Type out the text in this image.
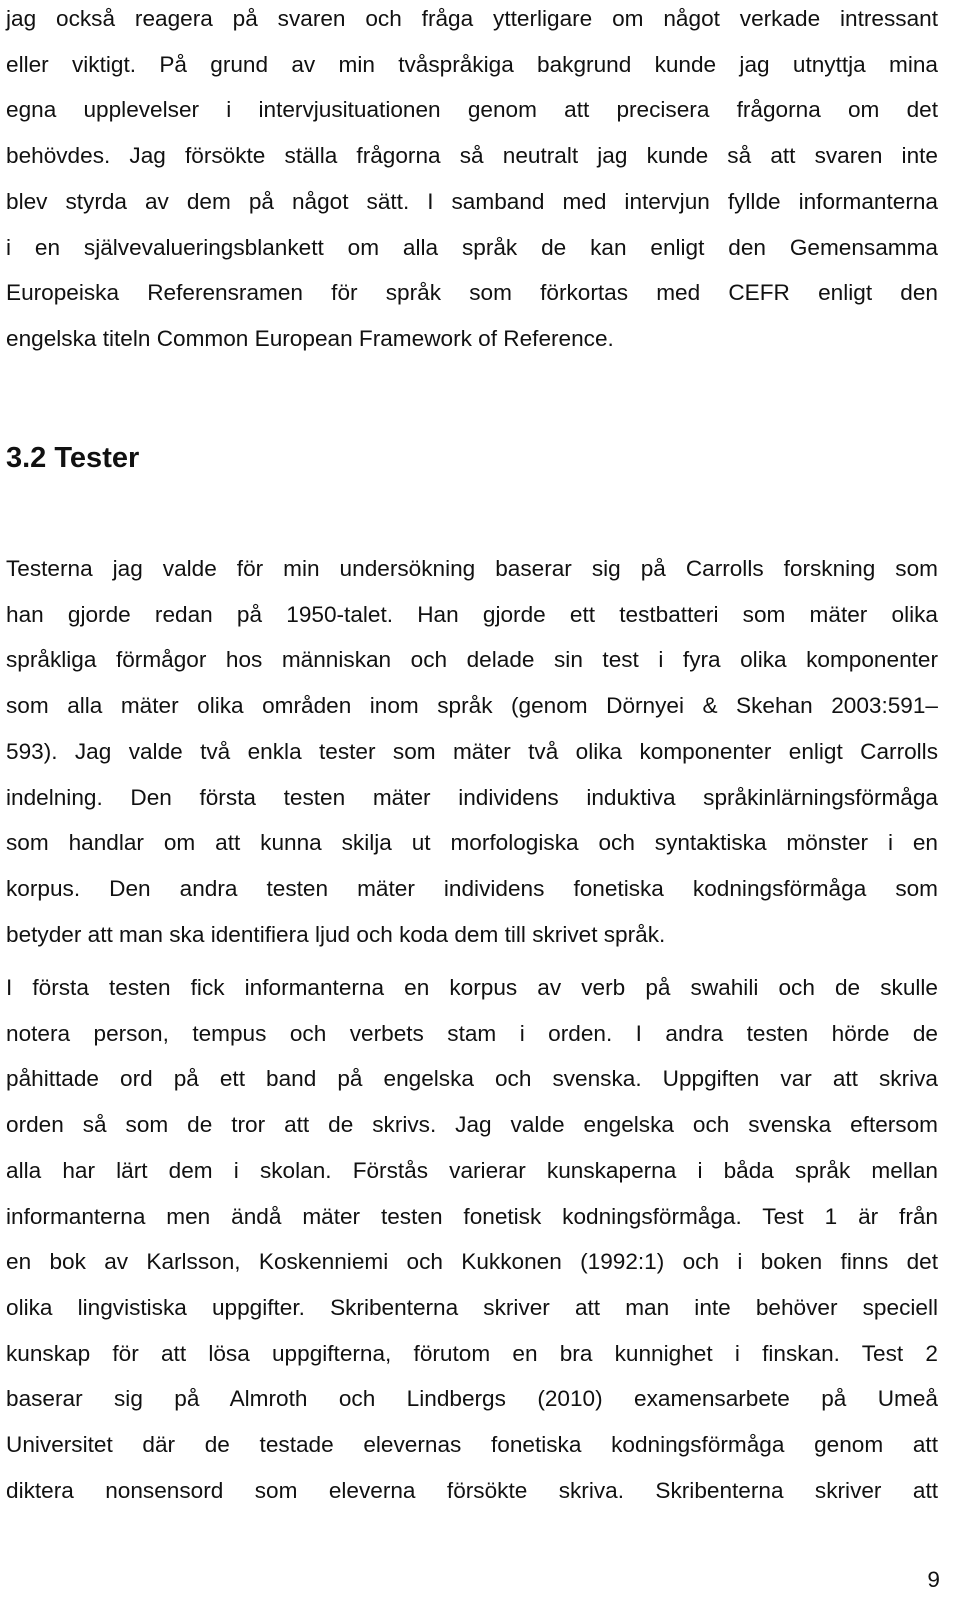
jag också reagera på svaren och fråga ytterligare om något verkade intressant
eller viktigt. På grund av min tvåspråkiga bakgrund kunde jag utnyttja mina
egna upplevelser i intervjusituationen genom att precisera frågorna om det
behövdes. Jag försökte ställa frågorna så neutralt jag kunde så att svaren inte
blev styrda av dem på något sätt. I samband med intervjun fyllde informanterna
i en självevalueringsblankett om alla språk de kan enligt den Gemensamma
Europeiska Referensramen för språk som förkortas med CEFR enligt den
engelska titeln Common European Framework of Reference.

3.2 Tester

Testerna jag valde för min undersökning baserar sig på Carrolls forskning som
han gjorde redan på 1950-talet. Han gjorde ett testbatteri som mäter olika
språkliga förmågor hos människan och delade sin test i fyra olika komponenter
som alla mäter olika områden inom språk (genom Dörnyei & Skehan 2003:591–
593). Jag valde två enkla tester som mäter två olika komponenter enligt Carrolls
indelning. Den första testen mäter individens induktiva språkinlärningsförmåga
som handlar om att kunna skilja ut morfologiska och syntaktiska mönster i en
korpus. Den andra testen mäter individens fonetiska kodningsförmåga som
betyder att man ska identifiera ljud och koda dem till skrivet språk.

I första testen fick informanterna en korpus av verb på swahili och de skulle
notera person, tempus och verbets stam i orden. I andra testen hörde de
påhittade ord på ett band på engelska och svenska. Uppgiften var att skriva
orden så som de tror att de skrivs. Jag valde engelska och svenska eftersom
alla har lärt dem i skolan. Förstås varierar kunskaperna i båda språk mellan
informanterna men ändå mäter testen fonetisk kodningsförmåga. Test 1 är från
en bok av Karlsson, Koskenniemi och Kukkonen (1992:1) och i boken finns det
olika lingvistiska uppgifter. Skribenterna skriver att man inte behöver speciell
kunskap för att lösa uppgifterna, förutom en bra kunnighet i finskan. Test 2
baserar sig på Almroth och Lindbergs (2010) examensarbete på Umeå
Universitet där de testade elevernas fonetiska kodningsförmåga genom att
diktera nonsensord som eleverna försökte skriva. Skribenterna skriver att

9
